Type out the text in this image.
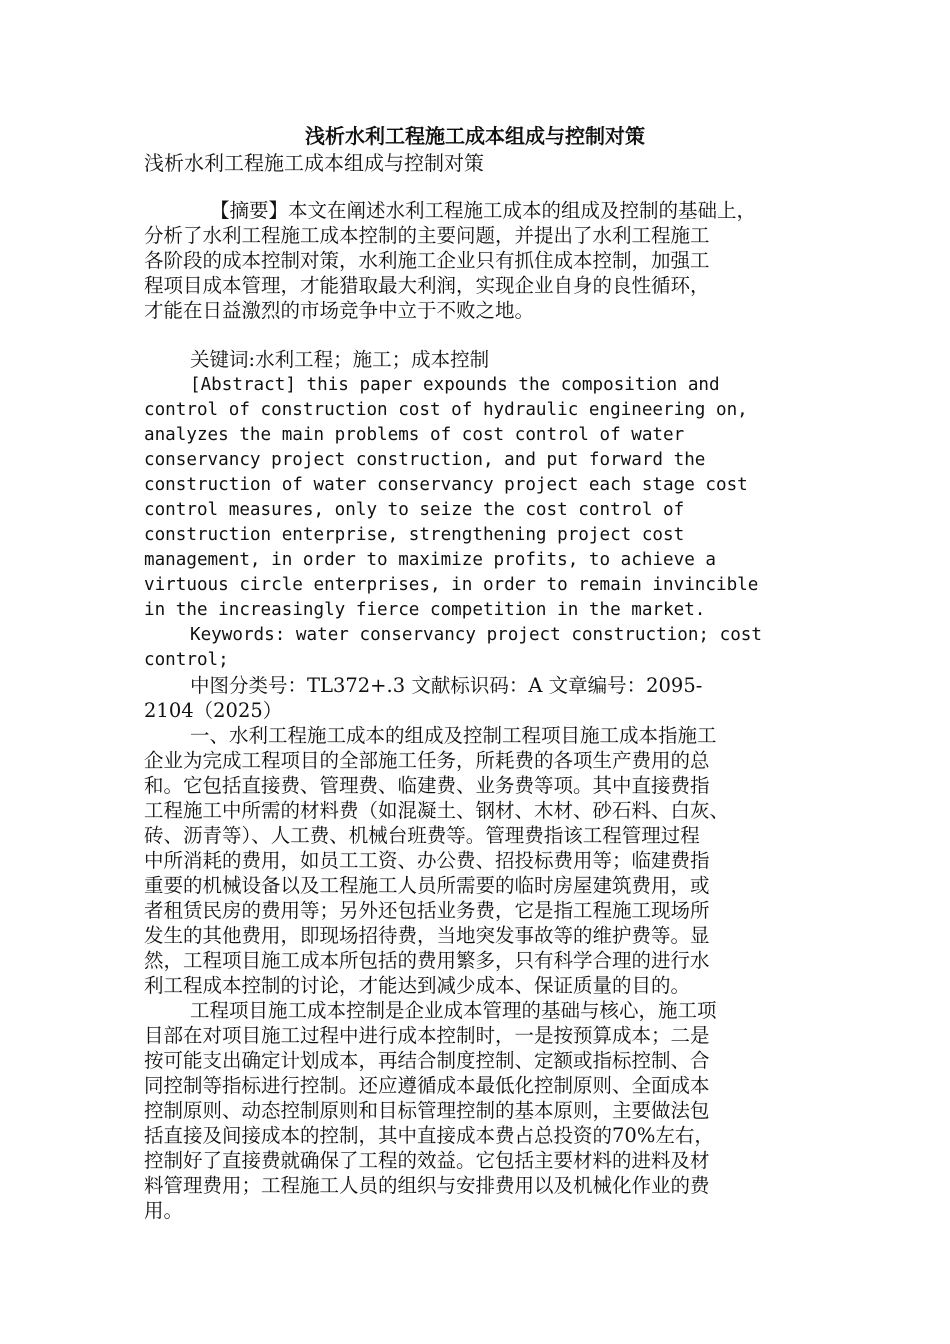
浅析水利工程施工成本组成与控制对策
浅析水利工程施工成本组成与控制对策
【摘要】本文在阐述水利工程施工成本的组成及控制的基础上，
分析了水利工程施工成本控制的主要问题，并提出了水利工程施工
各阶段的成本控制对策，水利施工企业只有抓住成本控制，加强工
程项目成本管理，才能猎取最大利润，实现企业自身的良性循环，
才能在日益激烈的市场竞争中立于不败之地。
关键词:水利工程；施工；成本控制
[Abstract] this paper expounds the composition and
control of construction cost of hydraulic engineering on,
analyzes the main problems of cost control of water
conservancy project construction, and put forward the
construction of water conservancy project each stage cost
control measures, only to seize the cost control of
construction enterprise, strengthening project cost
management, in order to maximize profits, to achieve a
virtuous circle enterprises, in order to remain invincible
in the increasingly fierce competition in the market.
Keywords: water conservancy project construction; cost
control;
中图分类号：TL372+.3 文献标识码：A 文章编号：2095-
2104（2025）
一、水利工程施工成本的组成及控制工程项目施工成本指施工
企业为完成工程项目的全部施工任务，所耗费的各项生产费用的总
和。它包括直接费、管理费、临建费、业务费等项。其中直接费指
工程施工中所需的材料费（如混凝土、钢材、木材、砂石料、白灰、
砖、沥青等）、人工费、机械台班费等。管理费指该工程管理过程
中所消耗的费用，如员工工资、办公费、招投标费用等；临建费指
重要的机械设备以及工程施工人员所需要的临时房屋建筑费用，或
者租赁民房的费用等；另外还包括业务费，它是指工程施工现场所
发生的其他费用，即现场招待费，当地突发事故等的维护费等。显
然，工程项目施工成本所包括的费用繁多，只有科学合理的进行水
利工程成本控制的讨论，才能达到减少成本、保证质量的目的。
工程项目施工成本控制是企业成本管理的基础与核心，施工项
目部在对项目施工过程中进行成本控制时，一是按预算成本；二是
按可能支出确定计划成本，再结合制度控制、定额或指标控制、合
同控制等指标进行控制。还应遵循成本最低化控制原则、全面成本
控制原则、动态控制原则和目标管理控制的基本原则，主要做法包
括直接及间接成本的控制，其中直接成本费占总投资的70%左右，
控制好了直接费就确保了工程的效益。它包括主要材料的进料及材
料管理费用；工程施工人员的组织与安排费用以及机械化作业的费
用。
